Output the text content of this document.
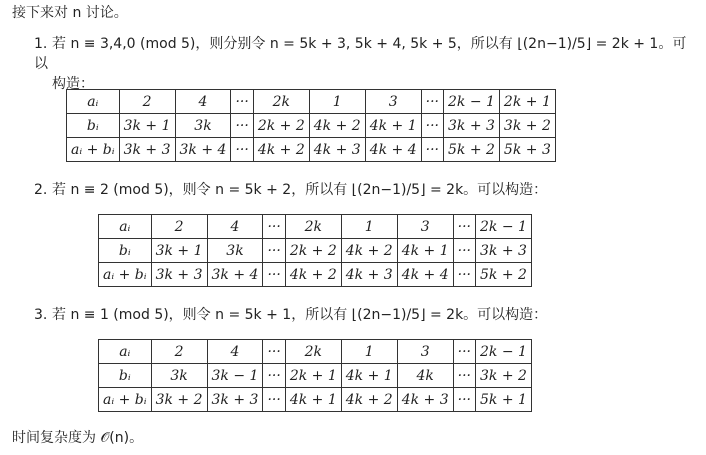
接下来对 n 讨论。
1. 若 n ≡ 3,4,0 (mod 5)，则分别令 n = 5k + 3, 5k + 4, 5k + 5，所以有 ⌊(2n−1)/5⌋ = 2k + 1。可以
构造：
aᵢ	2	4	···	2k	1	3	···	2k − 1	2k + 1
bᵢ	3k + 1	3k	···	2k + 2	4k + 2	4k + 1	···	3k + 3	3k + 2
aᵢ + bᵢ	3k + 3	3k + 4	···	4k + 2	4k + 3	4k + 4	···	5k + 2	5k + 3
2. 若 n ≡ 2 (mod 5)，则令 n = 5k + 2，所以有 ⌊(2n−1)/5⌋ = 2k。可以构造：
aᵢ	2	4	···	2k	1	3	···	2k − 1
bᵢ	3k + 1	3k	···	2k + 2	4k + 2	4k + 1	···	3k + 3
aᵢ + bᵢ	3k + 3	3k + 4	···	4k + 2	4k + 3	4k + 4	···	5k + 2
3. 若 n ≡ 1 (mod 5)，则令 n = 5k + 1，所以有 ⌊(2n−1)/5⌋ = 2k。可以构造：
aᵢ	2	4	···	2k	1	3	···	2k − 1
bᵢ	3k	3k − 1	···	2k + 1	4k + 1	4k	···	3k + 2
aᵢ + bᵢ	3k + 2	3k + 3	···	4k + 1	4k + 2	4k + 3	···	5k + 1
时间复杂度为 𝒪(n)。
